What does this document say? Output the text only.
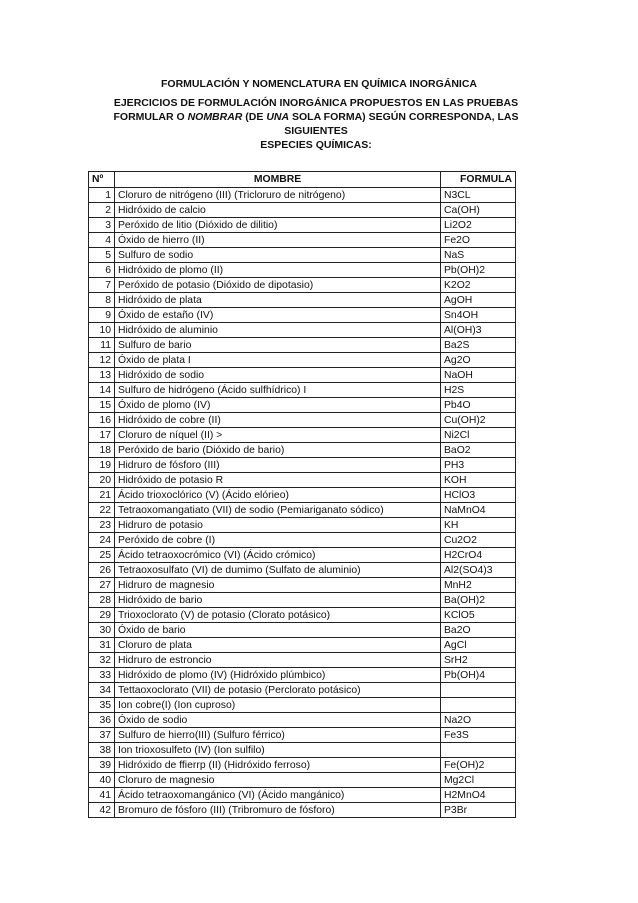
FORMULACIÓN Y NOMENCLATURA EN QUÍMICA INORGÁNICA
EJERCICIOS DE FORMULACIÓN INORGÁNICA PROPUESTOS EN LAS PRUEBAS
FORMULAR O NOMBRAR (DE UNA SOLA FORMA) SEGÚN CORRESPONDA, LAS
SIGUIENTES
ESPECIES QUÍMICAS:
Nº	MOMBRE	FORMULA
1	Cloruro de nitrógeno (III) (Tricloruro de nitrógeno)	N3CL
2	Hidróxido de calcio	Ca(OH)
3	Peróxido de litio (Dióxido de dilitio)	Li2O2
4	Óxido de hierro (II)	Fe2O
5	Sulfuro de sodio	NaS
6	Hidróxido de plomo (II)	Pb(OH)2
7	Peróxido de potasio (Dióxido de dipotasio)	K2O2
8	Hidróxido de plata	AgOH
9	Óxido de estaño (IV)	Sn4OH
10	Hidróxido de aluminio	Al(OH)3
11	Sulfuro de bario	Ba2S
12	Óxido de plata I	Ag2O
13	Hidróxido de sodio	NaOH
14	Sulfuro de hidrógeno (Ácido sulfhídrico) I	H2S
15	Óxido de plomo (IV)	Pb4O
16	Hidróxido de cobre (II)	Cu(OH)2
17	Cloruro de níquel (II) >	Ni2Cl
18	Peróxido de bario (Dióxido de bario)	BaO2
19	Hidruro de fósforo (III)	PH3
20	Hidróxido de potasio R	KOH
21	Ácido trioxoclórico (V) (Ácido elórieo)	HClO3
22	Tetraoxomangatiato (VII) de sodio (Pemiariganato sódico)	NaMnO4
23	Hidruro de potasio	KH
24	Peróxido de cobre (I)	Cu2O2
25	Ácido tetraoxocrómico (VI) (Ácido crómico)	H2CrO4
26	Tetraoxosulfato (VI) de dumimo (Sulfato de aluminio)	Al2(SO4)3
27	Hidruro de magnesio	MnH2
28	Hidróxido de bario	Ba(OH)2
29	Trioxoclorato (V) de potasio (Clorato potásico)	KClO5
30	Óxido de bario	Ba2O
31	Cloruro de plata	AgCl
32	Hidruro de estroncio	SrH2
33	Hidróxido de plomo (IV) (Hidróxido plúmbico)	Pb(OH)4
34	Tettaoxoclorato (VII) de potasio (Perclorato potásico)	
35	Ion cobre(I) (Ion cuproso)	
36	Óxido de sodio	Na2O
37	Sulfuro de hierro(III) (Sulfuro férrico)	Fe3S
38	Ion trioxosulfeto (IV) (Ion sulfilo)	
39	Hidróxido de ffierrp (II) (Hidróxido ferroso)	Fe(OH)2
40	Cloruro de magnesio	Mg2Cl
41	Ácido tetraoxomangánico (VI) (Ácido mangánico)	H2MnO4
42	Bromuro de fósforo (III) (Tribromuro de fósforo)	P3Br
